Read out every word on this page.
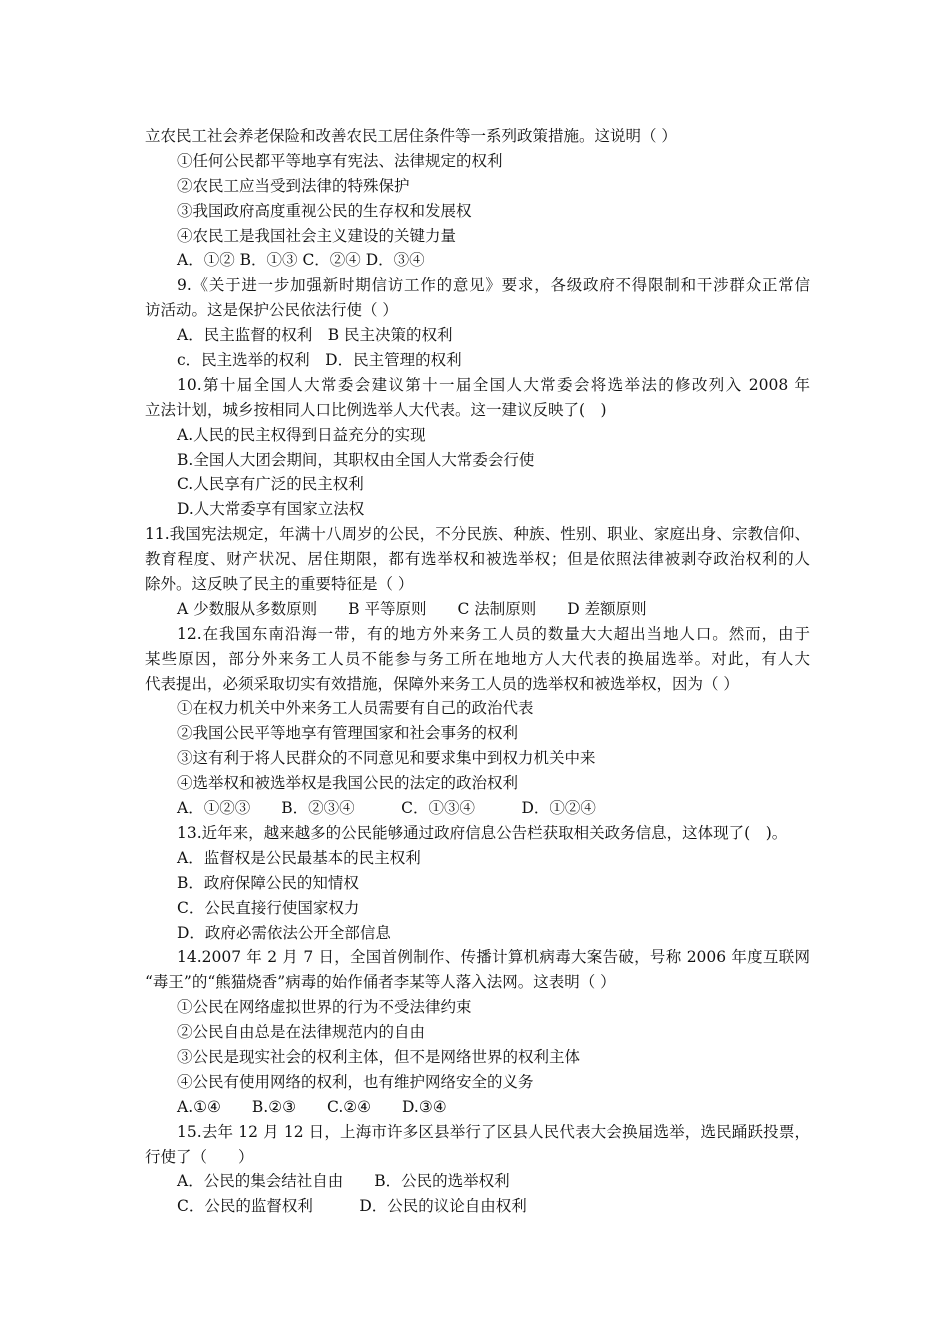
立农民工社会养老保险和改善农民工居住条件等一系列政策措施。这说明（ ）
①任何公民都平等地享有宪法、法律规定的权利
②农民工应当受到法律的特殊保护
③我国政府高度重视公民的生存权和发展权
④农民工是我国社会主义建设的关键力量
A．①② B．①③ C．②④ D．③④
9.《关于进一步加强新时期信访工作的意见》要求，各级政府不得限制和干涉群众正常信
访活动。这是保护公民依法行使（ ）
A．民主监督的权利　B 民主决策的权利
c．民主选举的权利　D．民主管理的权利
10.第十届全国人大常委会建议第十一届全国人大常委会将选举法的修改列入 2008 年
立法计划，城乡按相同人口比例选举人大代表。这一建议反映了(　)
A.人民的民主权得到日益充分的实现
B.全国人大团会期间，其职权由全国人大常委会行使
C.人民享有广泛的民主权利
D.人大常委享有国家立法权
11.我国宪法规定，年满十八周岁的公民，不分民族、种族、性别、职业、家庭出身、宗教信仰、
教育程度、财产状况、居住期限，都有选举权和被选举权；但是依照法律被剥夺政治权利的人
除外。这反映了民主的重要特征是（ ）
A 少数服从多数原则　　B 平等原则　　C 法制原则　　D 差额原则
12.在我国东南沿海一带，有的地方外来务工人员的数量大大超出当地人口。然而，由于
某些原因，部分外来务工人员不能参与务工所在地地方人大代表的换届选举。对此，有人大
代表提出，必须采取切实有效措施，保障外来务工人员的选举权和被选举权，因为（ ）
①在权力机关中外来务工人员需要有自己的政治代表
②我国公民平等地享有管理国家和社会事务的权利
③这有利于将人民群众的不同意见和要求集中到权力机关中来
④选举权和被选举权是我国公民的法定的政治权利
A．①②③　　B．②③④　　　C．①③④　　　D．①②④
13.近年来，越来越多的公民能够通过政府信息公告栏获取相关政务信息，这体现了(　)。
A．监督权是公民最基本的民主权利
B．政府保障公民的知情权
C．公民直接行使国家权力
D．政府必需依法公开全部信息
14.2007 年 2 月 7 日，全国首例制作、传播计算机病毒大案告破，号称 2006 年度互联网
“毒王”的“熊猫烧香”病毒的始作俑者李某等人落入法网。这表明（ ）
①公民在网络虚拟世界的行为不受法律约束
②公民自由总是在法律规范内的自由
③公民是现实社会的权利主体，但不是网络世界的权利主体
④公民有使用网络的权利，也有维护网络安全的义务
A.①④　　B.②③　　C.②④　　D.③④
15.去年 12 月 12 日，上海市许多区县举行了区县人民代表大会换届选举，选民踊跃投票，
行使了（　　）
A．公民的集会结社自由　　B．公民的选举权利
C．公民的监督权利　　　D．公民的议论自由权利
